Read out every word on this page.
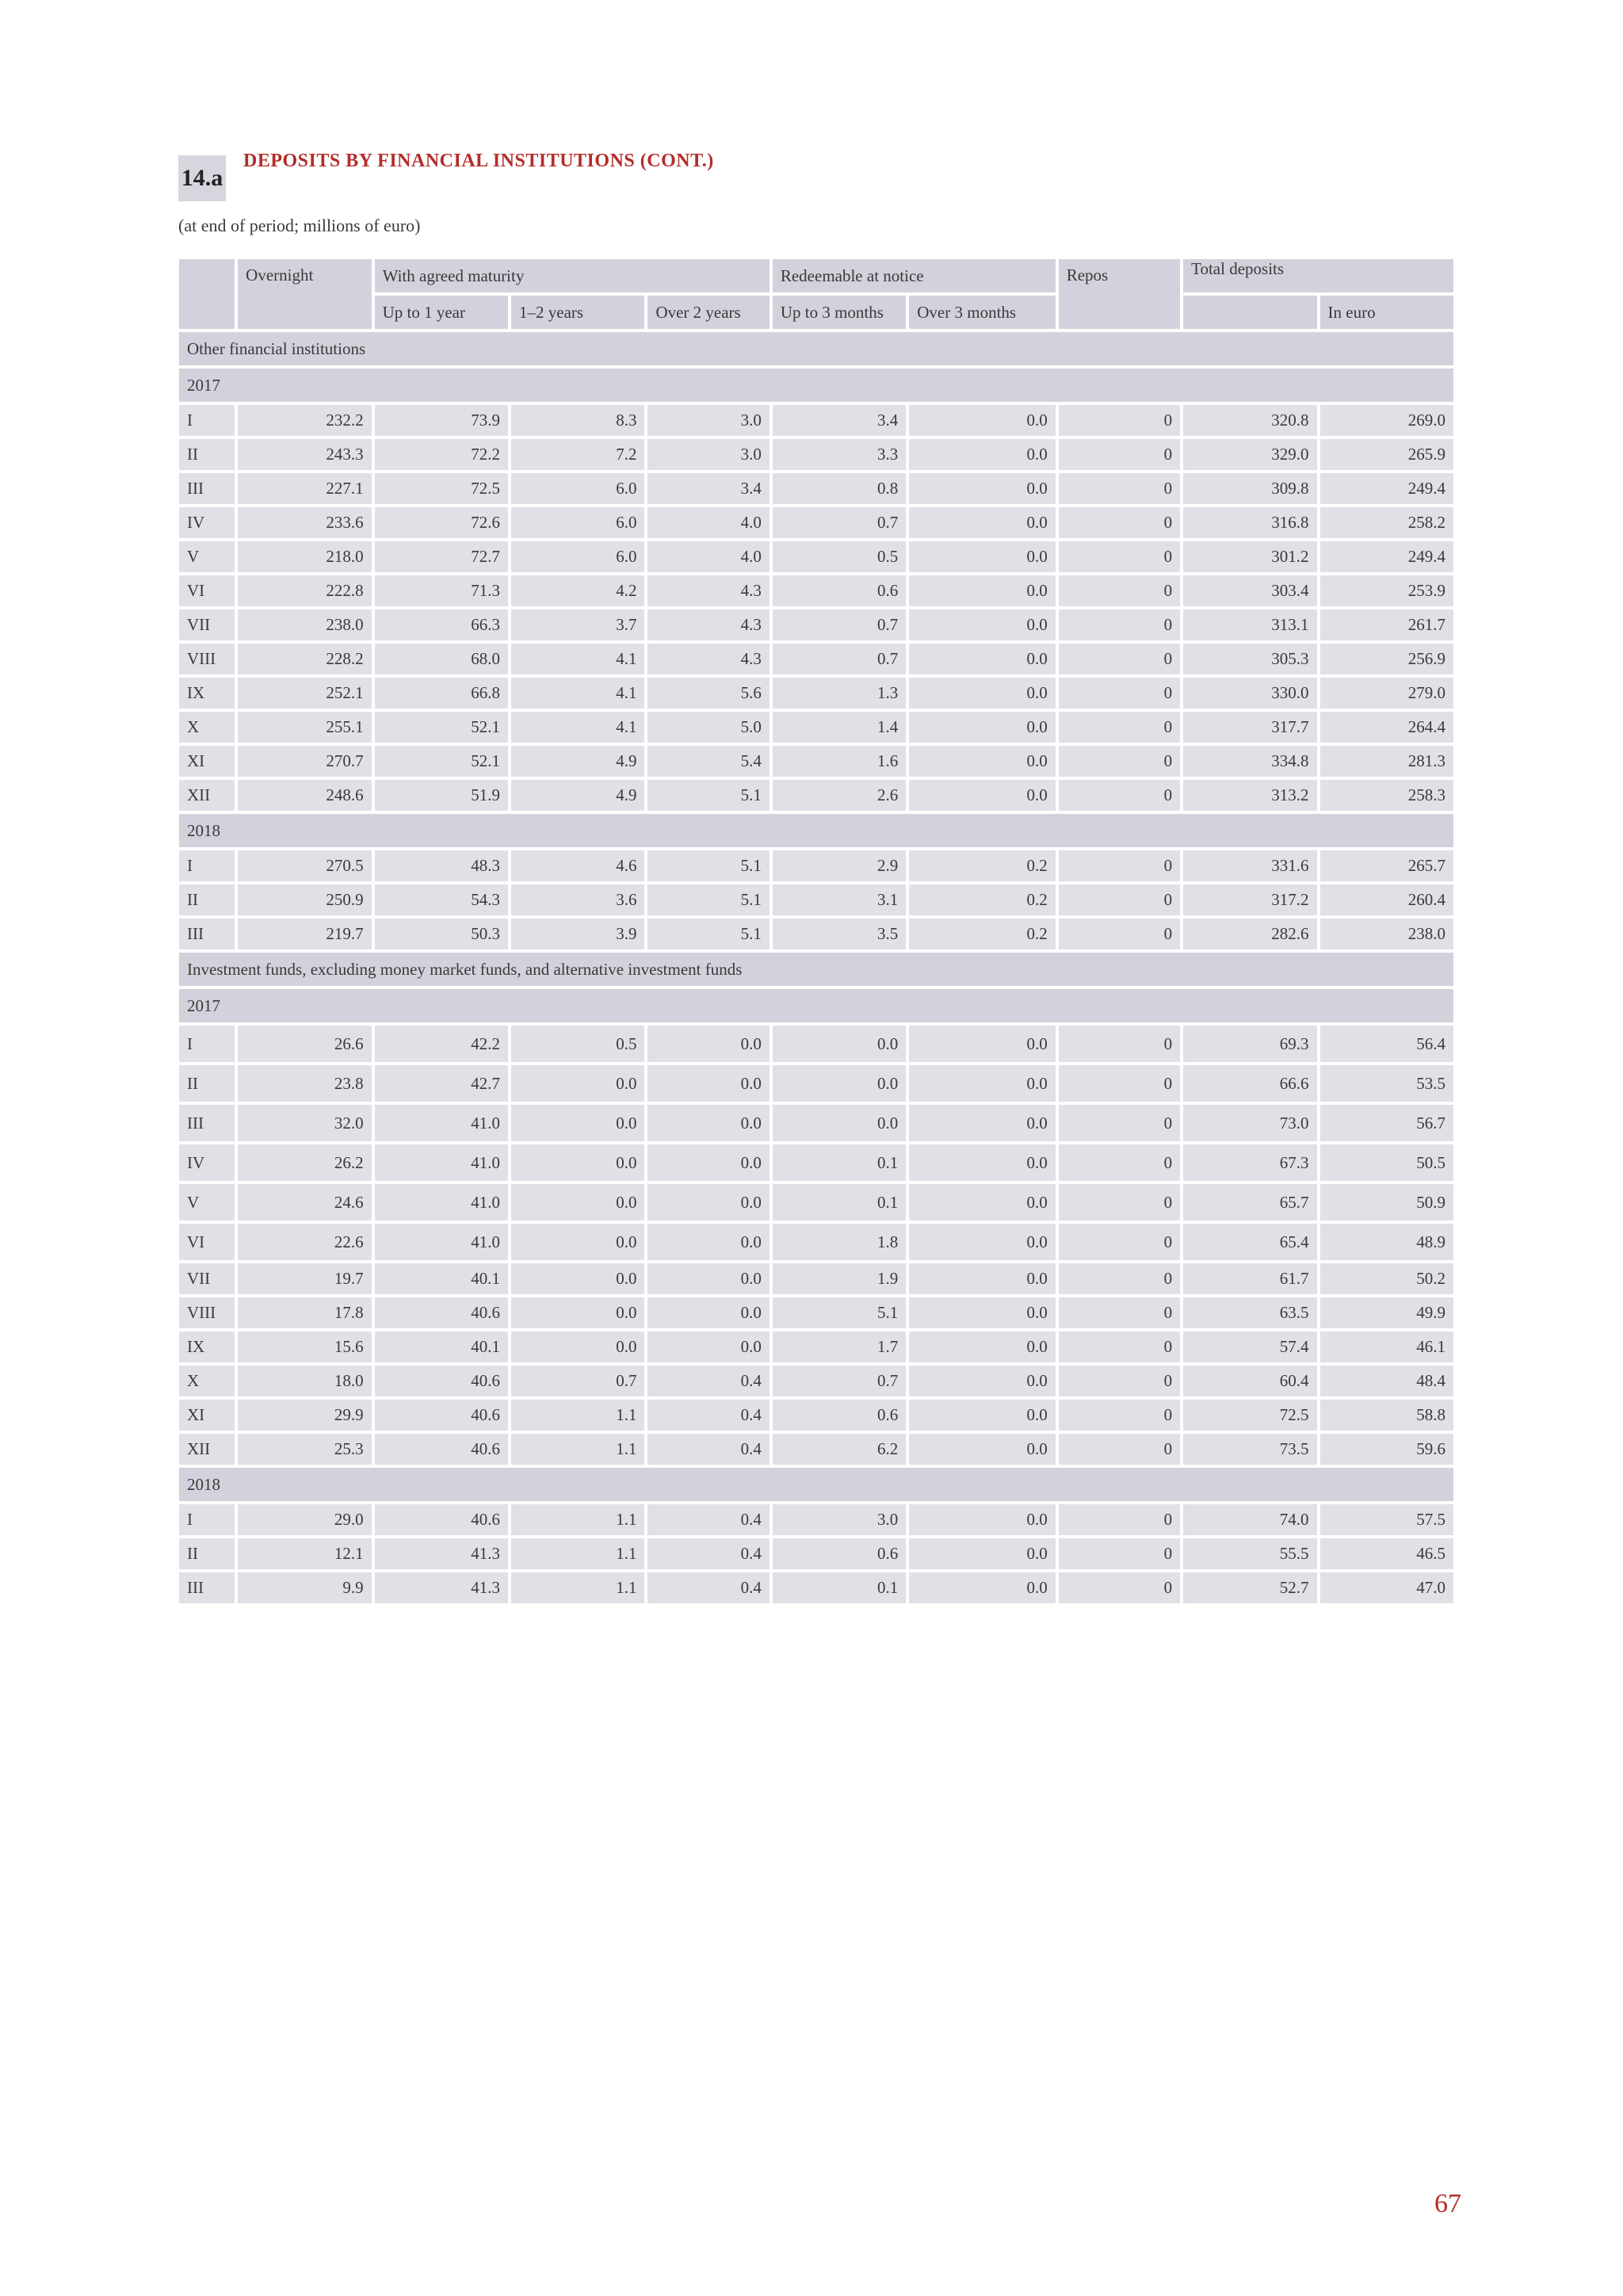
14.a
DEPOSITS BY FINANCIAL INSTITUTIONS (CONT.)
(at end of period; millions of euro)
	Overnight	With agreed maturity			Redeemable at notice		Repos	Total deposits	
		Up to 1 year	1–2 years	Over 2 years	Up to 3 months	Over 3 months			In euro
Other financial institutions									
2017									
I	232.2	73.9	8.3	3.0	3.4	0.0	0	320.8	269.0
II	243.3	72.2	7.2	3.0	3.3	0.0	0	329.0	265.9
III	227.1	72.5	6.0	3.4	0.8	0.0	0	309.8	249.4
IV	233.6	72.6	6.0	4.0	0.7	0.0	0	316.8	258.2
V	218.0	72.7	6.0	4.0	0.5	0.0	0	301.2	249.4
VI	222.8	71.3	4.2	4.3	0.6	0.0	0	303.4	253.9
VII	238.0	66.3	3.7	4.3	0.7	0.0	0	313.1	261.7
VIII	228.2	68.0	4.1	4.3	0.7	0.0	0	305.3	256.9
IX	252.1	66.8	4.1	5.6	1.3	0.0	0	330.0	279.0
X	255.1	52.1	4.1	5.0	1.4	0.0	0	317.7	264.4
XI	270.7	52.1	4.9	5.4	1.6	0.0	0	334.8	281.3
XII	248.6	51.9	4.9	5.1	2.6	0.0	0	313.2	258.3
2018									
I	270.5	48.3	4.6	5.1	2.9	0.2	0	331.6	265.7
II	250.9	54.3	3.6	5.1	3.1	0.2	0	317.2	260.4
III	219.7	50.3	3.9	5.1	3.5	0.2	0	282.6	238.0
Investment funds, excluding money market funds, and alternative investment funds									
2017									
I	26.6	42.2	0.5	0.0	0.0	0.0	0	69.3	56.4
II	23.8	42.7	0.0	0.0	0.0	0.0	0	66.6	53.5
III	32.0	41.0	0.0	0.0	0.0	0.0	0	73.0	56.7
IV	26.2	41.0	0.0	0.0	0.1	0.0	0	67.3	50.5
V	24.6	41.0	0.0	0.0	0.1	0.0	0	65.7	50.9
VI	22.6	41.0	0.0	0.0	1.8	0.0	0	65.4	48.9
VII	19.7	40.1	0.0	0.0	1.9	0.0	0	61.7	50.2
VIII	17.8	40.6	0.0	0.0	5.1	0.0	0	63.5	49.9
IX	15.6	40.1	0.0	0.0	1.7	0.0	0	57.4	46.1
X	18.0	40.6	0.7	0.4	0.7	0.0	0	60.4	48.4
XI	29.9	40.6	1.1	0.4	0.6	0.0	0	72.5	58.8
XII	25.3	40.6	1.1	0.4	6.2	0.0	0	73.5	59.6
2018									
I	29.0	40.6	1.1	0.4	3.0	0.0	0	74.0	57.5
II	12.1	41.3	1.1	0.4	0.6	0.0	0	55.5	46.5
III	9.9	41.3	1.1	0.4	0.1	0.0	0	52.7	47.0
67
